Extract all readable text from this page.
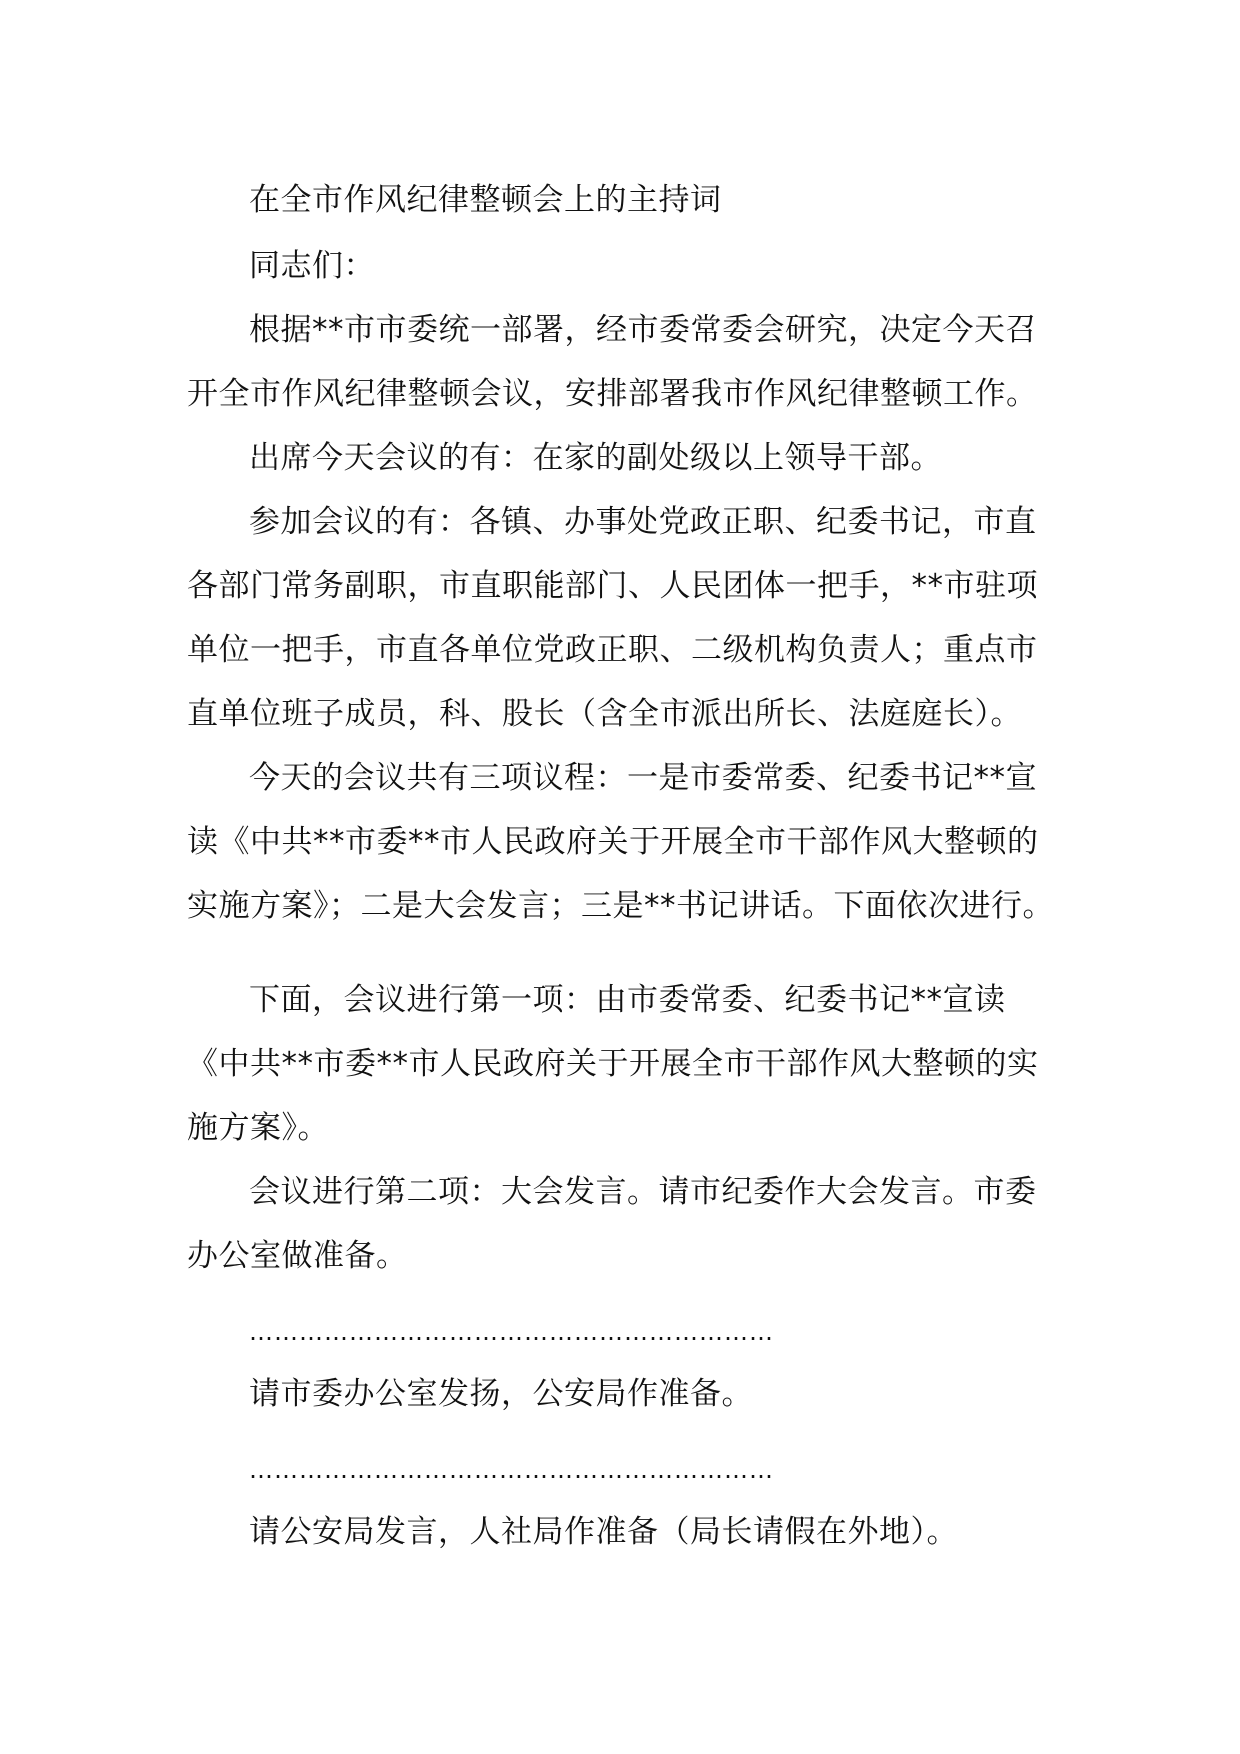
在全市作风纪律整顿会上的主持词

同志们：

根据**市市委统一部署，经市委常委会研究，决定今天召开全市作风纪律整顿会议，安排部署我市作风纪律整顿工作。

出席今天会议的有：在家的副处级以上领导干部。

参加会议的有：各镇、办事处党政正职、纪委书记，市直各部门常务副职，市直职能部门、人民团体一把手，**市驻项单位一把手，市直各单位党政正职、二级机构负责人；重点市直单位班子成员，科、股长（含全市派出所长、法庭庭长）。

今天的会议共有三项议程：一是市委常委、纪委书记**宣读《中共**市委**市人民政府关于开展全市干部作风大整顿的实施方案》；二是大会发言；三是**书记讲话。下面依次进行。

下面，会议进行第一项：由市委常委、纪委书记**宣读《中共**市委**市人民政府关于开展全市干部作风大整顿的实施方案》。

会议进行第二项：大会发言。请市纪委作大会发言。市委办公室做准备。

………………………………………………………

请市委办公室发扬，公安局作准备。

………………………………………………………

请公安局发言，人社局作准备（局长请假在外地）。
